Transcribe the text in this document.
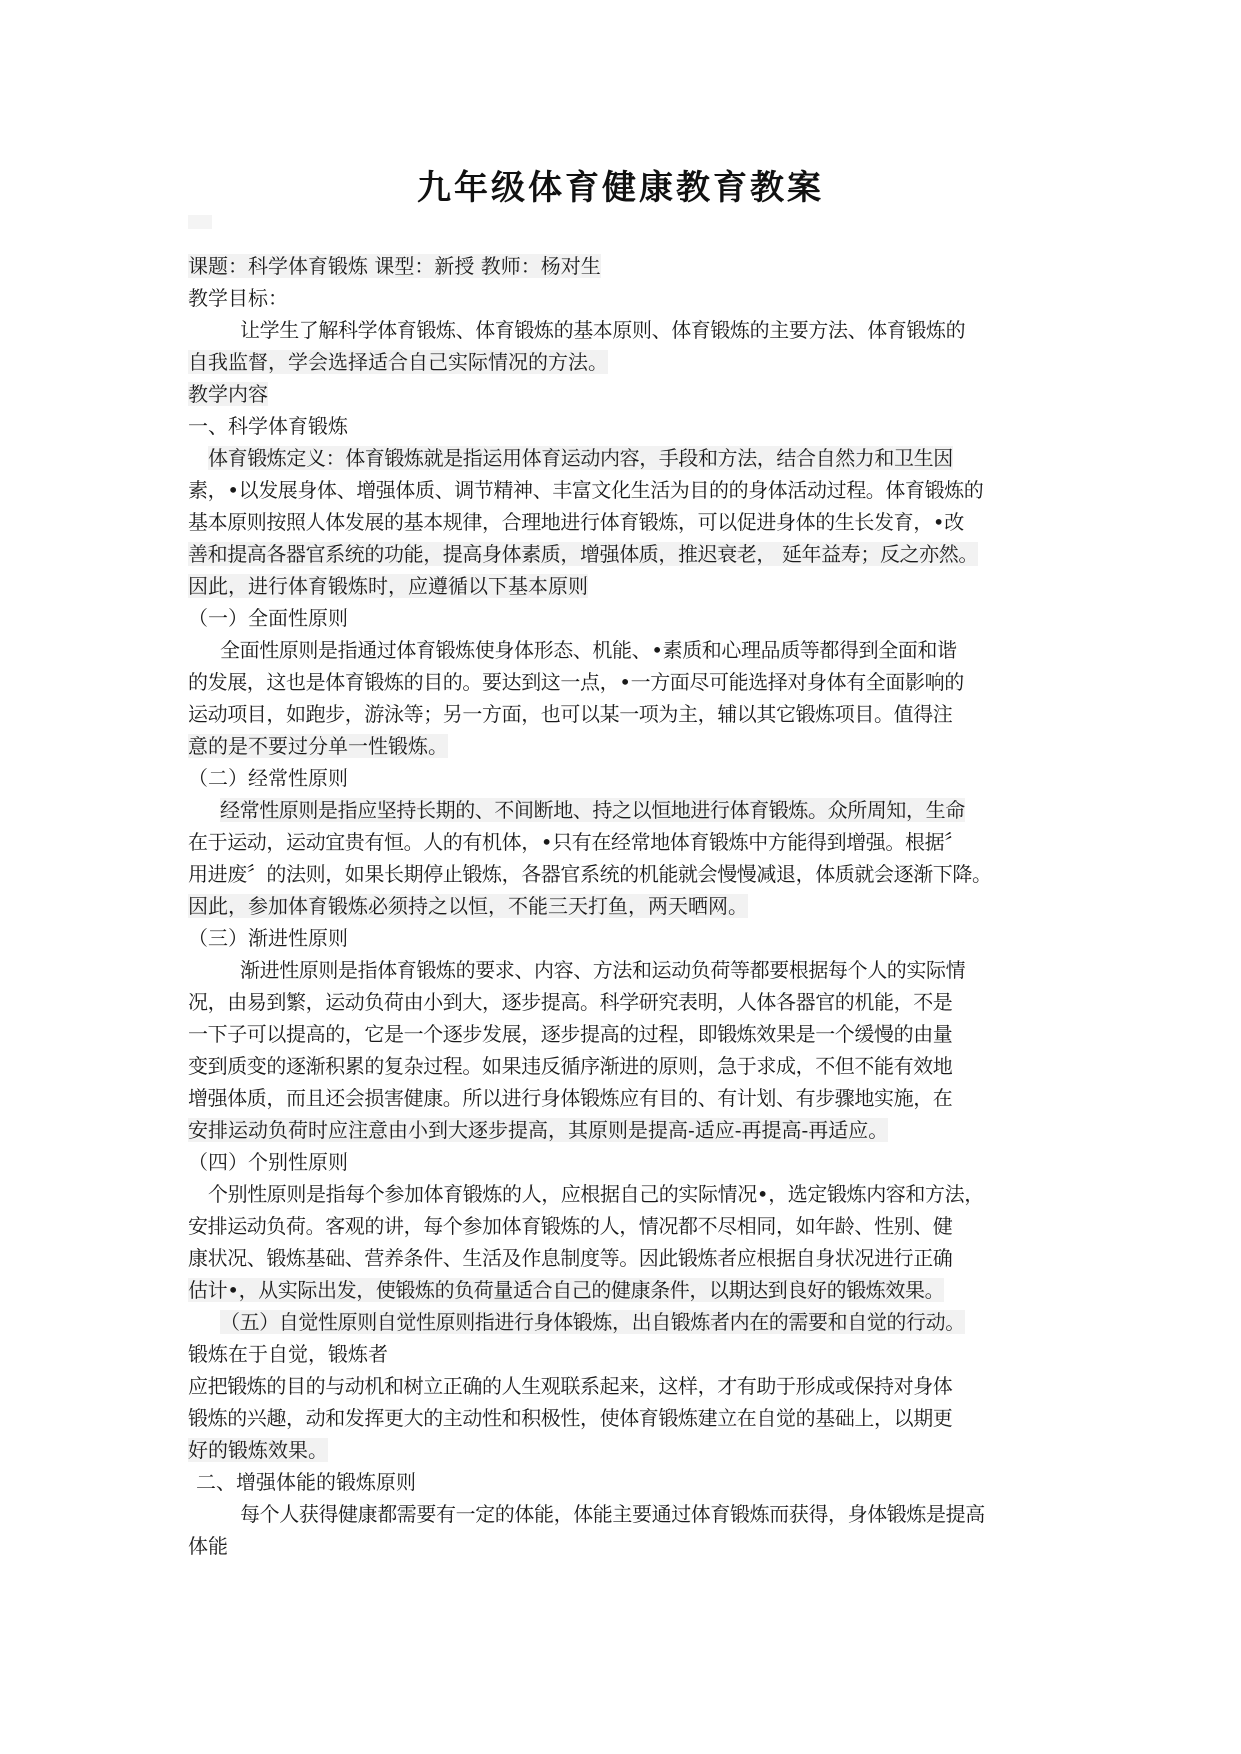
九年级体育健康教育教案
课题：科学体育锻炼 课型：新授 教师：杨对生
教学目标：
让学生了解科学体育锻炼、体育锻炼的基本原则、体育锻炼的主要方法、体育锻炼的
自我监督，学会选择适合自己实际情况的方法。
教学内容
一、科学体育锻炼
体育锻炼定义：体育锻炼就是指运用体育运动内容，手段和方法，结合自然力和卫生因
素，•以发展身体、增强体质、调节精神、丰富文化生活为目的的身体活动过程。体育锻炼的
基本原则按照人体发展的基本规律，合理地进行体育锻炼，可以促进身体的生长发育，•改
善和提高各器官系统的功能，提高身体素质，增强体质，推迟衰老， 延年益寿；反之亦然。
因此，进行体育锻炼时，应遵循以下基本原则
（一）全面性原则
全面性原则是指通过体育锻炼使身体形态、机能、•素质和心理品质等都得到全面和谐
的发展，这也是体育锻炼的目的。要达到这一点，•一方面尽可能选择对身体有全面影响的
运动项目，如跑步，游泳等；另一方面，也可以某一项为主，辅以其它锻炼项目。值得注
意的是不要过分单一性锻炼。
（二）经常性原则
经常性原则是指应坚持长期的、不间断地、持之以恒地进行体育锻炼。众所周知，生命
在于运动，运动宜贵有恒。人的有机体，•只有在经常地体育锻炼中方能得到增强。根据〞
用进废〞的法则，如果长期停止锻炼，各器官系统的机能就会慢慢减退，体质就会逐渐下降。
因此，参加体育锻炼必须持之以恒，不能三天打鱼，两天晒网。
（三）渐进性原则
渐进性原则是指体育锻炼的要求、内容、方法和运动负荷等都要根据每个人的实际情
况，由易到繁，运动负荷由小到大，逐步提高。科学研究表明，人体各器官的机能，不是
一下子可以提高的，它是一个逐步发展，逐步提高的过程，即锻炼效果是一个缓慢的由量
变到质变的逐渐积累的复杂过程。如果违反循序渐进的原则，急于求成，不但不能有效地
增强体质，而且还会损害健康。所以进行身体锻炼应有目的、有计划、有步骤地实施，在
安排运动负荷时应注意由小到大逐步提高，其原则是提高-适应-再提高-再适应。
（四）个别性原则
个别性原则是指每个参加体育锻炼的人，应根据自己的实际情况•，选定锻炼内容和方法，
安排运动负荷。客观的讲，每个参加体育锻炼的人，情况都不尽相同，如年龄、性别、健
康状况、锻炼基础、营养条件、生活及作息制度等。因此锻炼者应根据自身状况进行正确
估计•，从实际出发，使锻炼的负荷量适合自己的健康条件，以期达到良好的锻炼效果。
（五）自觉性原则自觉性原则指进行身体锻炼，出自锻炼者内在的需要和自觉的行动。
锻炼在于自觉，锻炼者
应把锻炼的目的与动机和树立正确的人生观联系起来，这样，才有助于形成或保持对身体
锻炼的兴趣，动和发挥更大的主动性和积极性，使体育锻炼建立在自觉的基础上，以期更
好的锻炼效果。
二、增强体能的锻炼原则
每个人获得健康都需要有一定的体能，体能主要通过体育锻炼而获得，身体锻炼是提高
体能
